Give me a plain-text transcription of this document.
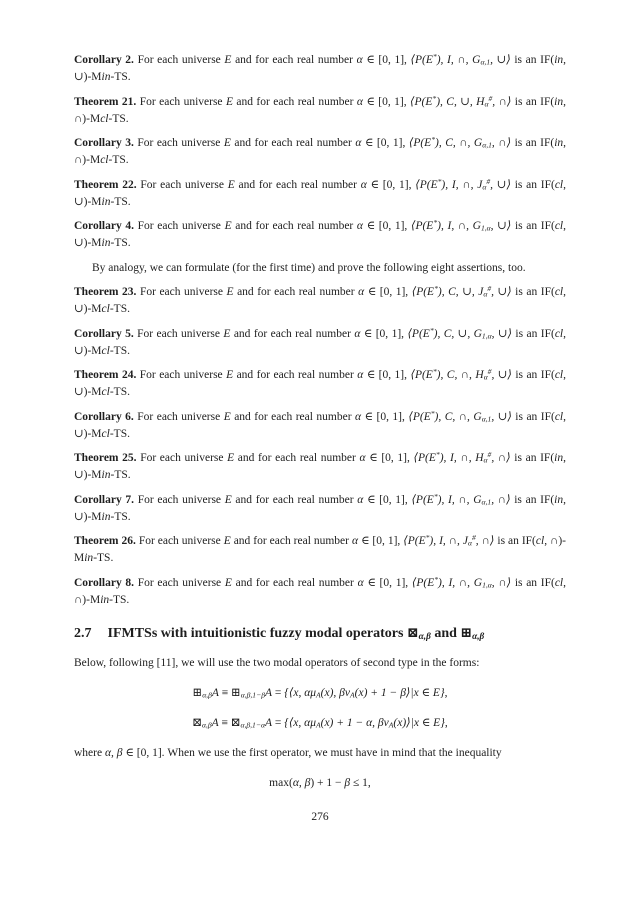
Corollary 2. For each universe E and for each real number α ∈ [0, 1], ⟨P(E*), I, ∩, $G_{\alpha,1}$, ∪⟩ is an IF(in, ∪)-Min-TS.

Theorem 21. For each universe E and for each real number α ∈ [0, 1], ⟨P(E*), C, ∪, $H_\alpha^{\#}$, ∩⟩ is an IF(in, ∩)-Mcl-TS.

Corollary 3. For each universe E and for each real number α ∈ [0, 1], ⟨P(E*), C, ∩, $G_{\alpha,1}$, ∩⟩ is an IF(in, ∩)-Mcl-TS.

Theorem 22. For each universe E and for each real number α ∈ [0, 1], ⟨P(E*), I, ∩, $J_\alpha^{\#}$, ∪⟩ is an IF(cl, ∪)-Min-TS.

Corollary 4. For each universe E and for each real number α ∈ [0, 1], ⟨P(E*), I, ∩, $G_{1,\alpha}$, ∪⟩ is an IF(cl, ∪)-Min-TS.

By analogy, we can formulate (for the first time) and prove the following eight assertions, too.

Theorem 23. For each universe E and for each real number α ∈ [0, 1], ⟨P(E*), C, ∪, $J_\alpha^{\#}$, ∪⟩ is an IF(cl, ∪)-Mcl-TS.

Corollary 5. For each universe E and for each real number α ∈ [0, 1], ⟨P(E*), C, ∪, $G_{1,\alpha}$, ∪⟩ is an IF(cl, ∪)-Mcl-TS.

Theorem 24. For each universe E and for each real number α ∈ [0, 1], ⟨P(E*), C, ∩, $H_\alpha^{\#}$, ∪⟩ is an IF(cl, ∪)-Mcl-TS.

Corollary 6. For each universe E and for each real number α ∈ [0, 1], ⟨P(E*), C, ∩, $G_{\alpha,1}$, ∪⟩ is an IF(cl, ∪)-Mcl-TS.

Theorem 25. For each universe E and for each real number α ∈ [0, 1], ⟨P(E*), I, ∩, $H_\alpha^{\#}$, ∩⟩ is an IF(in, ∪)-Min-TS.

Corollary 7. For each universe E and for each real number α ∈ [0, 1], ⟨P(E*), I, ∩, $G_{\alpha,1}$, ∩⟩ is an IF(in, ∪)-Min-TS.

Theorem 26. For each universe E and for each real number α ∈ [0, 1], ⟨P(E*), I, ∩, $J_\alpha^{\#}$, ∩⟩ is an IF(cl, ∩)-Min-TS.

Corollary 8. For each universe E and for each real number α ∈ [0, 1], ⟨P(E*), I, ∩, $G_{1,\alpha}$, ∩⟩ is an IF(cl, ∩)-Min-TS.

2.7 IFMTSs with intuitionistic fuzzy modal operators $⊠_{\alpha,\beta}$ and $⊞_{\alpha,\beta}$

Below, following [11], we will use the two modal operators of second type in the forms:

$⊞_{\alpha,\beta}A$ ≡ $⊞_{\alpha,\beta,1-\beta}A$ = {⟨x, $\alpha\mu_A(x)$, $\beta\nu_A(x) + 1$ − β⟩|x ∈ E},
$⊠_{\alpha,\beta}A$ ≡ $⊠_{\alpha,\beta,1-\alpha}A$ = {⟨x, $\alpha\mu_A(x) + 1 - \alpha$, $\beta\nu_A(x)⟩|x$ ∈ E},

where α, β ∈ [0, 1]. When we use the first operator, we must have in mind that the inequality

max(α, β) + 1 − β ≤ 1,
276
